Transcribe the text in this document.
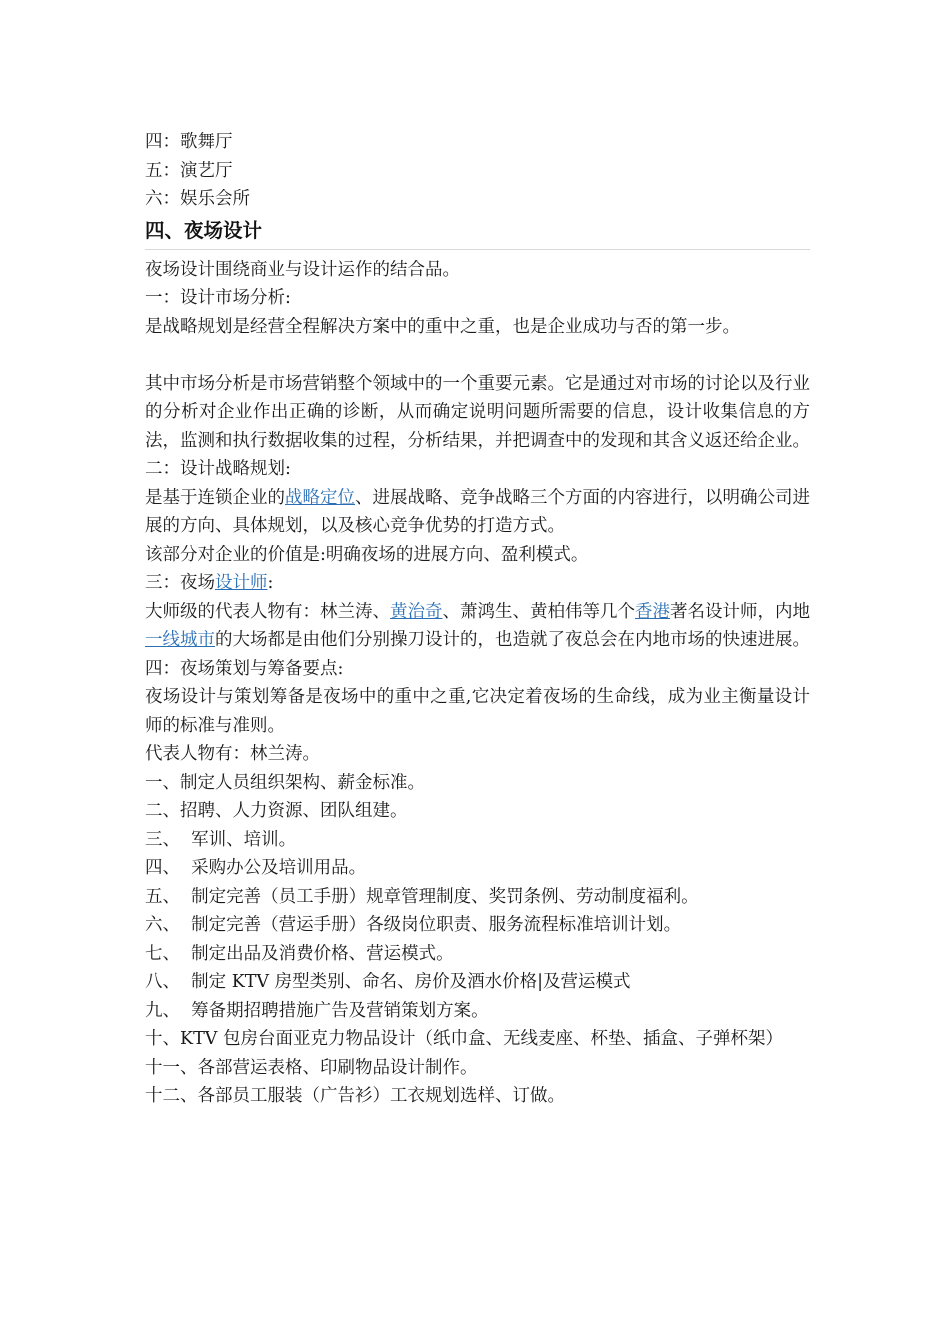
四：歌舞厅
五：演艺厅
六：娱乐会所
四、夜场设计
夜场设计围绕商业与设计运作的结合品。
一：设计市场分析:
是战略规划是经营全程解决方案中的重中之重，也是企业成功与否的第一步。
其中市场分析是市场营销整个领域中的一个重要元素。它是通过对市场的讨论以及行业的分析对企业作出正确的诊断，从而确定说明问题所需要的信息，设计收集信息的方法，监测和执行数据收集的过程，分析结果，并把调查中的发现和其含义返还给企业。
二：设计战略规划:
是基于连锁企业的战略定位、进展战略、竞争战略三个方面的内容进行，以明确公司进展的方向、具体规划，以及核心竞争优势的打造方式。
该部分对企业的价值是:明确夜场的进展方向、盈利模式。
三：夜场设计师:
大师级的代表人物有：林兰涛、黄治奇、萧鸿生、黄柏伟等几个香港著名设计师，内地一线城市的大场都是由他们分别操刀设计的，也造就了夜总会在内地市场的快速进展。
四：夜场策划与筹备要点:
夜场设计与策划筹备是夜场中的重中之重,它决定着夜场的生命线，成为业主衡量设计师的标准与准则。
代表人物有：林兰涛。
一、制定人员组织架构、薪金标准。
二、招聘、人力资源、团队组建。
三、  军训、培训。
四、  采购办公及培训用品。
五、  制定完善（员工手册）规章管理制度、奖罚条例、劳动制度福利。
六、  制定完善（营运手册）各级岗位职责、服务流程标准培训计划。
七、  制定出品及消费价格、营运模式。
八、  制定 KTV 房型类别、命名、房价及酒水价格|及营运模式
九、  筹备期招聘措施广告及营销策划方案。
十、KTV 包房台面亚克力物品设计（纸巾盒、无线麦座、杯垫、插盒、子弹杯架）
十一、各部营运表格、印刷物品设计制作。
十二、各部员工服装（广告衫）工衣规划选样、订做。
